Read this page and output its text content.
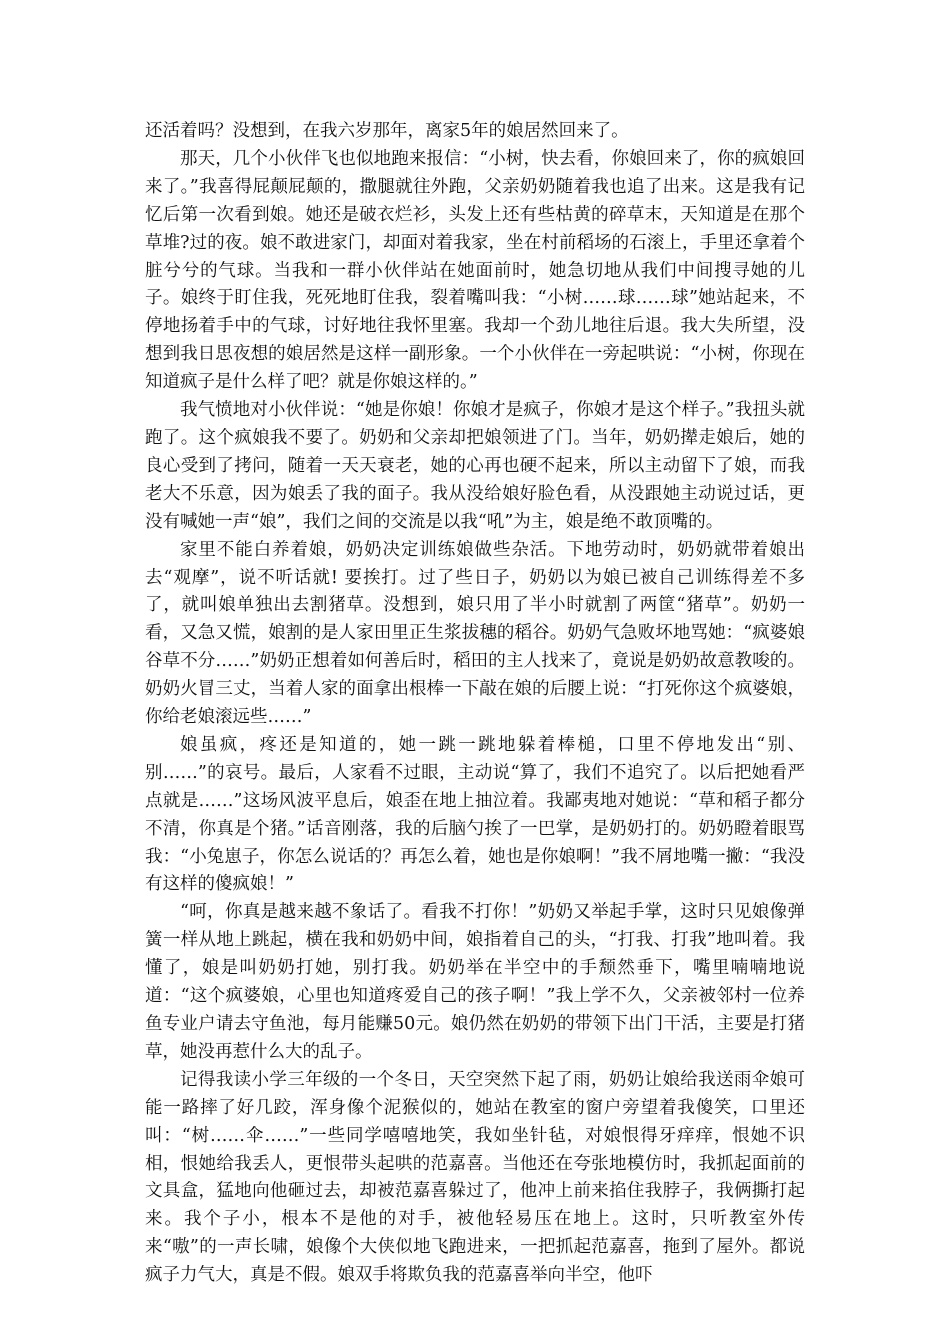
还活着吗？没想到，在我六岁那年，离家5年的娘居然回来了。

那天，几个小伙伴飞也似地跑来报信：“小树，快去看，你娘回来了，你的疯娘回来了。”我喜得屁颠屁颠的，撒腿就往外跑，父亲奶奶随着我也追了出来。这是我有记忆后第一次看到娘。她还是破衣烂衫，头发上还有些枯黄的碎草末，天知道是在那个草堆?过的夜。娘不敢进家门，却面对着我家，坐在村前稻场的石滚上，手里还拿着个脏兮兮的气球。当我和一群小伙伴站在她面前时，她急切地从我们中间搜寻她的儿子。娘终于盯住我，死死地盯住我，裂着嘴叫我：“小树……球……球”她站起来，不停地扬着手中的气球，讨好地往我怀里塞。我却一个劲儿地往后退。我大失所望，没想到我日思夜想的娘居然是这样一副形象。一个小伙伴在一旁起哄说：“小树，你现在知道疯子是什么样了吧？就是你娘这样的。”

我气愤地对小伙伴说：“她是你娘！你娘才是疯子，你娘才是这个样子。”我扭头就跑了。这个疯娘我不要了。奶奶和父亲却把娘领进了门。当年，奶奶撵走娘后，她的良心受到了拷问，随着一天天衰老，她的心再也硬不起来，所以主动留下了娘，而我老大不乐意，因为娘丢了我的面子。我从没给娘好脸色看，从没跟她主动说过话，更没有喊她一声“娘”，我们之间的交流是以我“吼”为主，娘是绝不敢顶嘴的。

家里不能白养着娘，奶奶决定训练娘做些杂活。下地劳动时，奶奶就带着娘出去“观摩”，说不听话就! 要挨打。过了些日子，奶奶以为娘已被自己训练得差不多了，就叫娘单独出去割猪草。没想到，娘只用了半小时就割了两筐“猪草”。奶奶一看，又急又慌，娘割的是人家田里正生浆拔穗的稻谷。奶奶气急败坏地骂她：“疯婆娘谷草不分……”奶奶正想着如何善后时，稻田的主人找来了，竟说是奶奶故意教唆的。奶奶火冒三丈，当着人家的面拿出根棒一下敲在娘的后腰上说：“打死你这个疯婆娘，你给老娘滚远些……”

娘虽疯，疼还是知道的，她一跳一跳地躲着棒槌，口里不停地发出“别、别……”的哀号。最后，人家看不过眼，主动说“算了，我们不追究了。以后把她看严点就是……”这场风波平息后，娘歪在地上抽泣着。我鄙夷地对她说：“草和稻子都分不清，你真是个猪。”话音刚落，我的后脑勺挨了一巴掌，是奶奶打的。奶奶瞪着眼骂我：“小兔崽子，你怎么说话的？再怎么着，她也是你娘啊！”我不屑地嘴一撇：“我没有这样的傻疯娘！”

“呵，你真是越来越不象话了。看我不打你！”奶奶又举起手掌，这时只见娘像弹簧一样从地上跳起，横在我和奶奶中间，娘指着自己的头，“打我、打我”地叫着。我懂了，娘是叫奶奶打她，别打我。奶奶举在半空中的手颓然垂下，嘴里喃喃地说道：“这个疯婆娘，心里也知道疼爱自己的孩子啊！”我上学不久，父亲被邻村一位养鱼专业户请去守鱼池，每月能赚50元。娘仍然在奶奶的带领下出门干活，主要是打猪草，她没再惹什么大的乱子。

记得我读小学三年级的一个冬日，天空突然下起了雨，奶奶让娘给我送雨伞娘可能一路摔了好几跤，浑身像个泥猴似的，她站在教室的窗户旁望着我傻笑，口里还叫：“树……伞……”一些同学嘻嘻地笑，我如坐针毡，对娘恨得牙痒痒，恨她不识相，恨她给我丢人，更恨带头起哄的范嘉喜。当他还在夸张地模仿时，我抓起面前的文具盒，猛地向他砸过去，却被范嘉喜躲过了，他冲上前来掐住我脖子，我俩撕打起来。我个子小，根本不是他的对手，被他轻易压在地上。这时，只听教室外传来“嗷”的一声长啸，娘像个大侠似地飞跑进来，一把抓起范嘉喜，拖到了屋外。都说疯子力气大，真是不假。娘双手将欺负我的范嘉喜举向半空，他吓
